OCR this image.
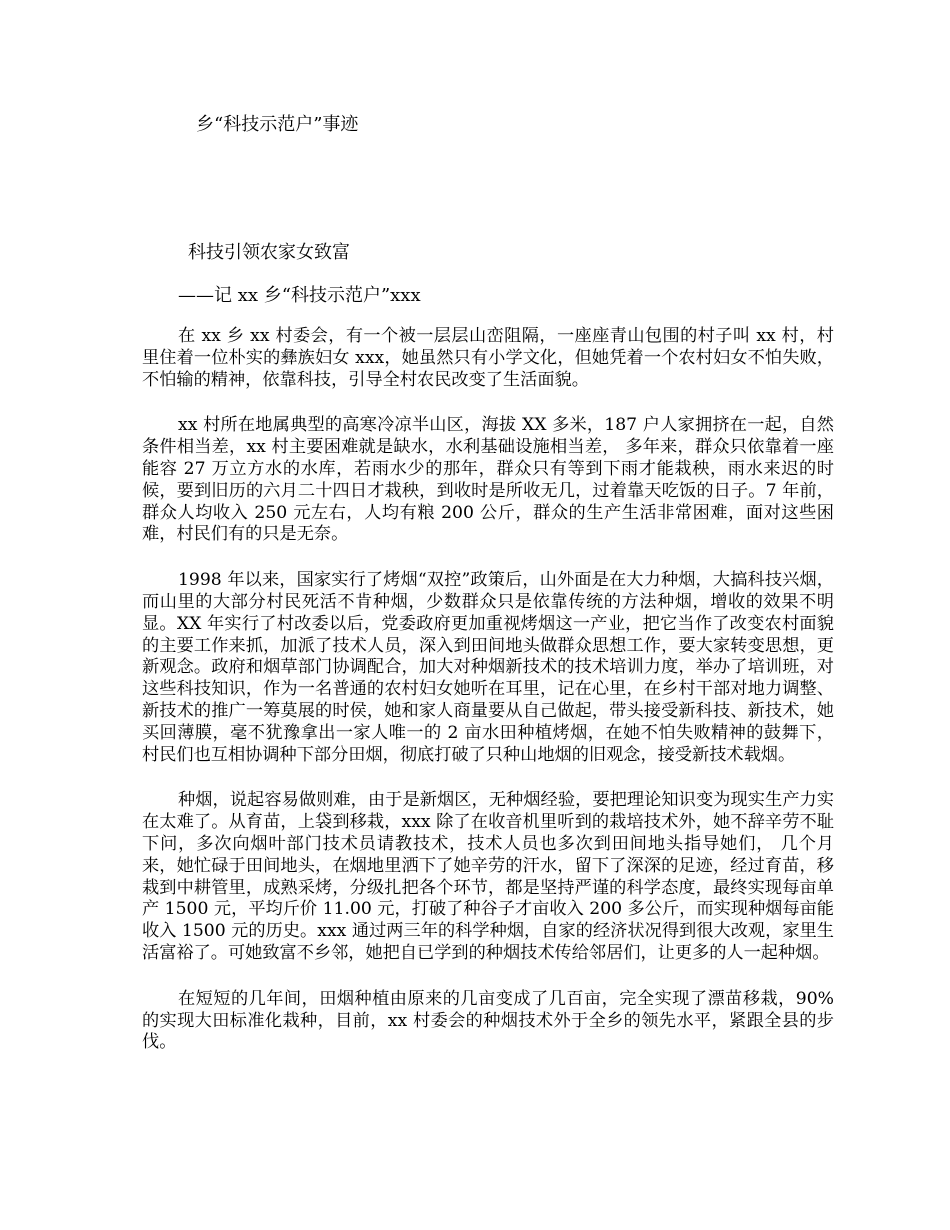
乡“科技示范户”事迹
科技引领农家女致富
——记 xx 乡“科技示范户”xxx

在 xx 乡 xx 村委会，有一个被一层层山峦阻隔，一座座青山包围的村子叫 xx 村，村里住着一位朴实的彝族妇女 xxx，她虽然只有小学文化，但她凭着一个农村妇女不怕失败，不怕输的精神，依靠科技，引导全村农民改变了生活面貌。

xx 村所在地属典型的高寒冷凉半山区，海拔 XX 多米，187 户人家拥挤在一起，自然条件相当差，xx 村主要困难就是缺水，水利基础设施相当差， 多年来，群众只依靠着一座能容 27 万立方水的水库，若雨水少的那年，群众只有等到下雨才能栽秧，雨水来迟的时候，要到旧历的六月二十四日才栽秧，到收时是所收无几，过着靠天吃饭的日子。7 年前，群众人均收入 250 元左右，人均有粮 200 公斤，群众的生产生活非常困难，面对这些困难，村民们有的只是无奈。

1998 年以来，国家实行了烤烟“双控”政策后，山外面是在大力种烟，大搞科技兴烟，而山里的大部分村民死活不肯种烟，少数群众只是依靠传统的方法种烟，增收的效果不明显。XX 年实行了村改委以后，党委政府更加重视烤烟这一产业，把它当作了改变农村面貌的主要工作来抓，加派了技术人员，深入到田间地头做群众思想工作，要大家转变思想，更新观念。政府和烟草部门协调配合，加大对种烟新技术的技术培训力度，举办了培训班，对这些科技知识，作为一名普通的农村妇女她听在耳里，记在心里，在乡村干部对地力调整、新技术的推广一筹莫展的时侯，她和家人商量要从自己做起，带头接受新科技、新技术，她买回薄膜，毫不犹豫拿出一家人唯一的 2 亩水田种植烤烟，在她不怕失败精神的鼓舞下，村民们也互相协调种下部分田烟，彻底打破了只种山地烟的旧观念，接受新技术载烟。

种烟，说起容易做则难，由于是新烟区，无种烟经验，要把理论知识变为现实生产力实在太难了。从育苗，上袋到移栽，xxx 除了在收音机里听到的栽培技术外，她不辞辛劳不耻下问，多次向烟叶部门技术员请教技术，技术人员也多次到田间地头指导她们， 几个月来，她忙碌于田间地头，在烟地里洒下了她辛劳的汗水，留下了深深的足迹，经过育苗，移栽到中耕管里，成熟采烤，分级扎把各个环节，都是坚持严谨的科学态度，最终实现每亩单产 1500 元，平均斤价 11.00 元，打破了种谷子才亩收入 200 多公斤，而实现种烟每亩能收入 1500 元的历史。xxx 通过两三年的科学种烟，自家的经济状况得到很大改观，家里生活富裕了。可她致富不乡邻，她把自已学到的种烟技术传给邻居们，让更多的人一起种烟。

在短短的几年间，田烟种植由原来的几亩变成了几百亩，完全实现了漂苗移栽，90%的实现大田标准化栽种，目前，xx 村委会的种烟技术外于全乡的领先水平，紧跟全县的步伐。
